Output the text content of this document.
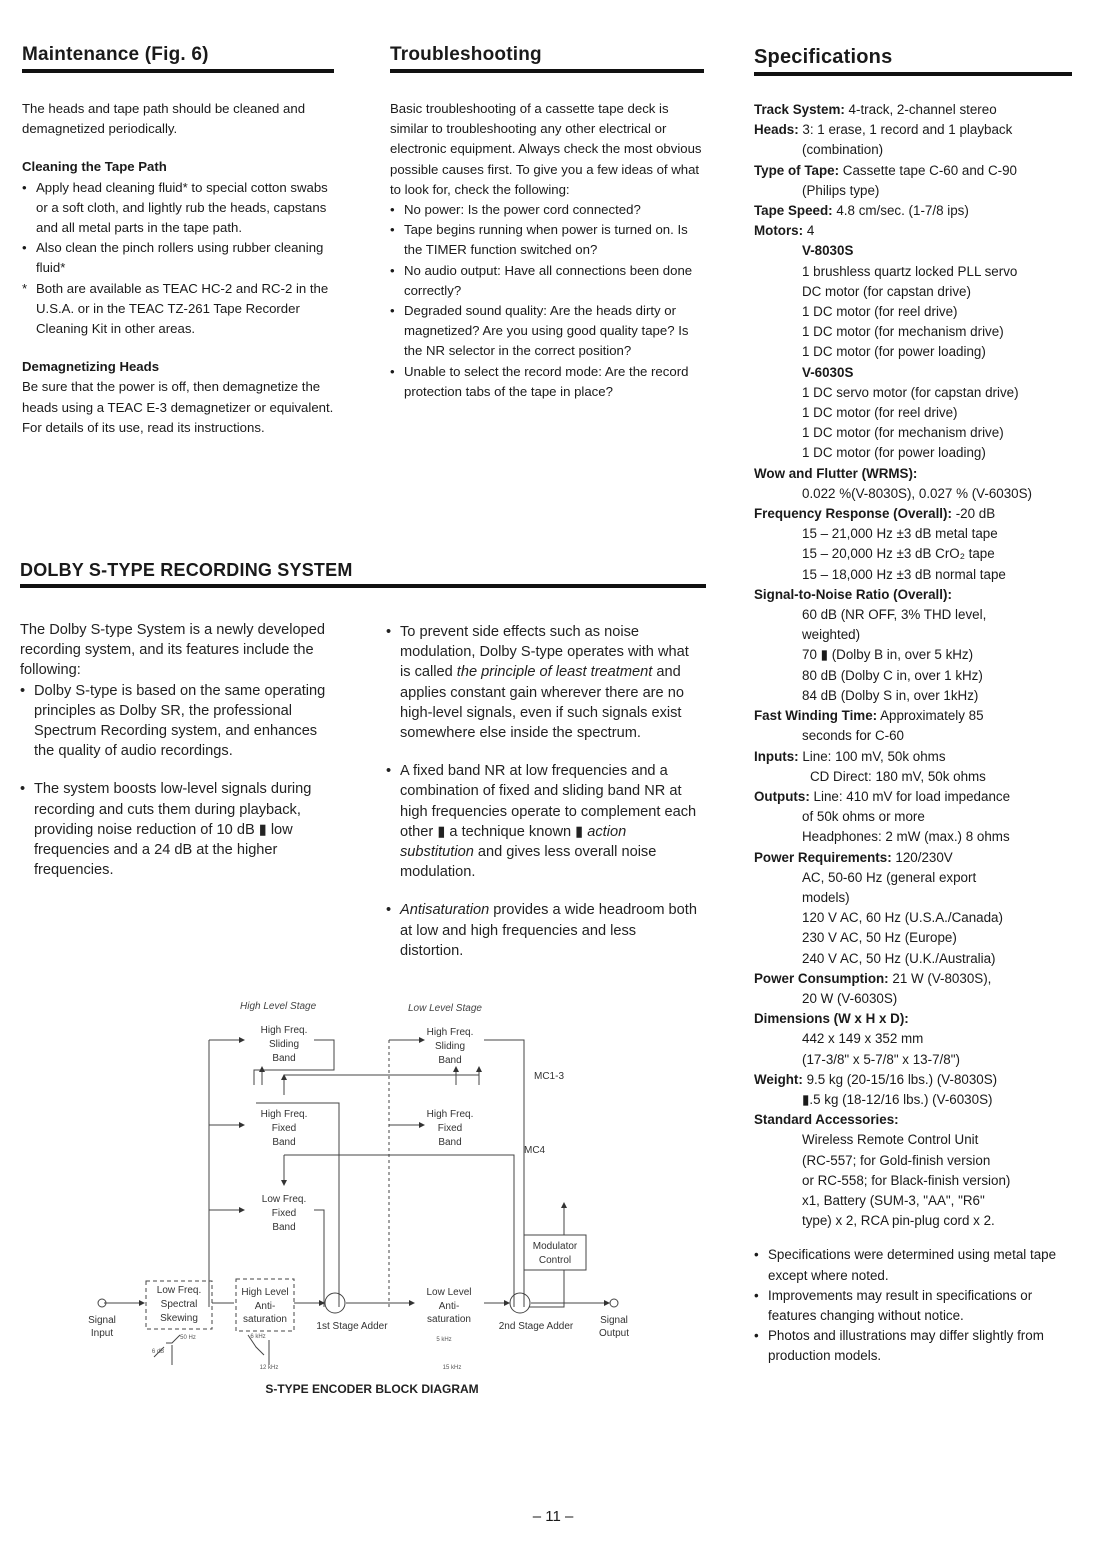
Maintenance (Fig. 6)

The heads and tape path should be cleaned and demagnetized periodically.

Cleaning the Tape Path

• Apply head cleaning fluid* to special cotton swabs or a soft cloth, and lightly rub the heads, capstans and all metal parts in the tape path.

• Also clean the pinch rollers using rubber cleaning fluid*

* Both are available as TEAC HC-2 and RC-2 in the U.S.A. or in the TEAC TZ-261 Tape Recorder Cleaning Kit in other areas.

Demagnetizing Heads

Be sure that the power is off, then demagnetize the heads using a TEAC E-3 demagnetizer or equivalent. For details of its use, read its instructions.

Troubleshooting

Basic troubleshooting of a cassette tape deck is similar to troubleshooting any other electrical or electronic equipment. Always check the most obvious possible causes first. To give you a few ideas of what to look for, check the following:

• No power: Is the power cord connected?

• Tape begins running when power is turned on. Is the TIMER function switched on?

• No audio output: Have all connections been done correctly?

• Degraded sound quality: Are the heads dirty or magnetized? Are you using good quality tape? Is the NR selector in the correct position?

• Unable to select the record mode: Are the record protection tabs of the tape in place?

Specifications

Track System: 4-track, 2-channel stereo

Heads: 3: 1 erase, 1 record and 1 playback

(combination)

Type of Tape: Cassette tape C-60 and C-90

(Philips type)

Tape Speed: 4.8 cm/sec. (1-7/8 ips)

Motors: 4

V-8030S

1 brushless quartz locked PLL servo

DC motor (for capstan drive)

1 DC motor (for reel drive)

1 DC motor (for mechanism drive)

1 DC motor (for power loading)

V-6030S

1 DC servo motor (for capstan drive)

1 DC motor (for reel drive)

1 DC motor (for mechanism drive)

1 DC motor (for power loading)

Wow and Flutter (WRMS):

0.022 %(V-8030S), 0.027 % (V-6030S)

Frequency Response (Overall): -20 dB

15 – 21,000 Hz ±3 dB metal tape

15 – 20,000 Hz ±3 dB CrO₂ tape

15 – 18,000 Hz ±3 dB normal tape

Signal-to-Noise Ratio (Overall):

60 dB (NR OFF, 3% THD level,

weighted)

70 ▮ (Dolby B in, over 5 kHz)

80 dB (Dolby C in, over 1 kHz)

84 dB (Dolby S in, over 1kHz)

Fast Winding Time: Approximately 85

seconds for C-60

Inputs: Line: 100 mV, 50k ohms

CD Direct: 180 mV, 50k ohms

Outputs: Line: 410 mV for load impedance

of 50k ohms or more

Headphones: 2 mW (max.) 8 ohms

Power Requirements: 120/230V

AC, 50-60 Hz (general export

models)

120 V AC, 60 Hz (U.S.A./Canada)

230 V AC, 50 Hz (Europe)

240 V AC, 50 Hz (U.K./Australia)

Power Consumption: 21 W (V-8030S),

20 W (V-6030S)

Dimensions (W x H x D):

442 x 149 x 352 mm

(17-3/8" x 5-7/8" x 13-7/8")

Weight: 9.5 kg (20-15/16 lbs.) (V-8030S)

▮.5 kg (18-12/16 lbs.) (V-6030S)

Standard Accessories:

Wireless Remote Control Unit

(RC-557; for Gold-finish version

or RC-558; for Black-finish version)

x1, Battery (SUM-3, "AA", "R6"

type) x 2, RCA pin-plug cord x 2.

• Specifications were determined using metal tape except where noted.

• Improvements may result in specifications or features changing without notice.

• Photos and illustrations may differ slightly from production models.

DOLBY S-TYPE RECORDING SYSTEM

The Dolby S-type System is a newly developed recording system, and its features include the following:

• Dolby S-type is based on the same operating principles as Dolby SR, the professional Spectrum Recording system, and enhances the quality of audio recordings.

• The system boosts low-level signals during recording and cuts them during playback, providing noise reduction of 10 dB ▮ low frequencies and a 24 dB at the higher frequencies.

• To prevent side effects such as noise modulation, Dolby S-type operates with what is called the principle of least treatment and applies constant gain wherever there are no high-level signals, even if such signals exist somewhere else inside the spectrum.

• A fixed band NR at low frequencies and a combination of fixed and sliding band NR at high frequencies operate to complement each other ▮ a technique known ▮ action substitution and gives less overall noise modulation.

• Antisaturation provides a wide headroom both at low and high frequencies and less distortion.

High Level Stage	Low Level Stage
High Freq.
Sliding
Band
High Freq.
Fixed
Band
Low Freq.
Fixed
Band
High Freq.
Sliding
Band
High Freq.
Fixed
Band
Low Freq.
Spectral
Skewing
High Level
Anti-
saturation
Low Level
Anti-
saturation
Modulator
Control
Signal
Input
Signal
Output
1st Stage Adder	2nd Stage Adder
MC1-3
MC4
50 Hz
6 dB
6 kHz
12 kHz
5 kHz
15 kHz
S-TYPE ENCODER BLOCK DIAGRAM
– 11 –
